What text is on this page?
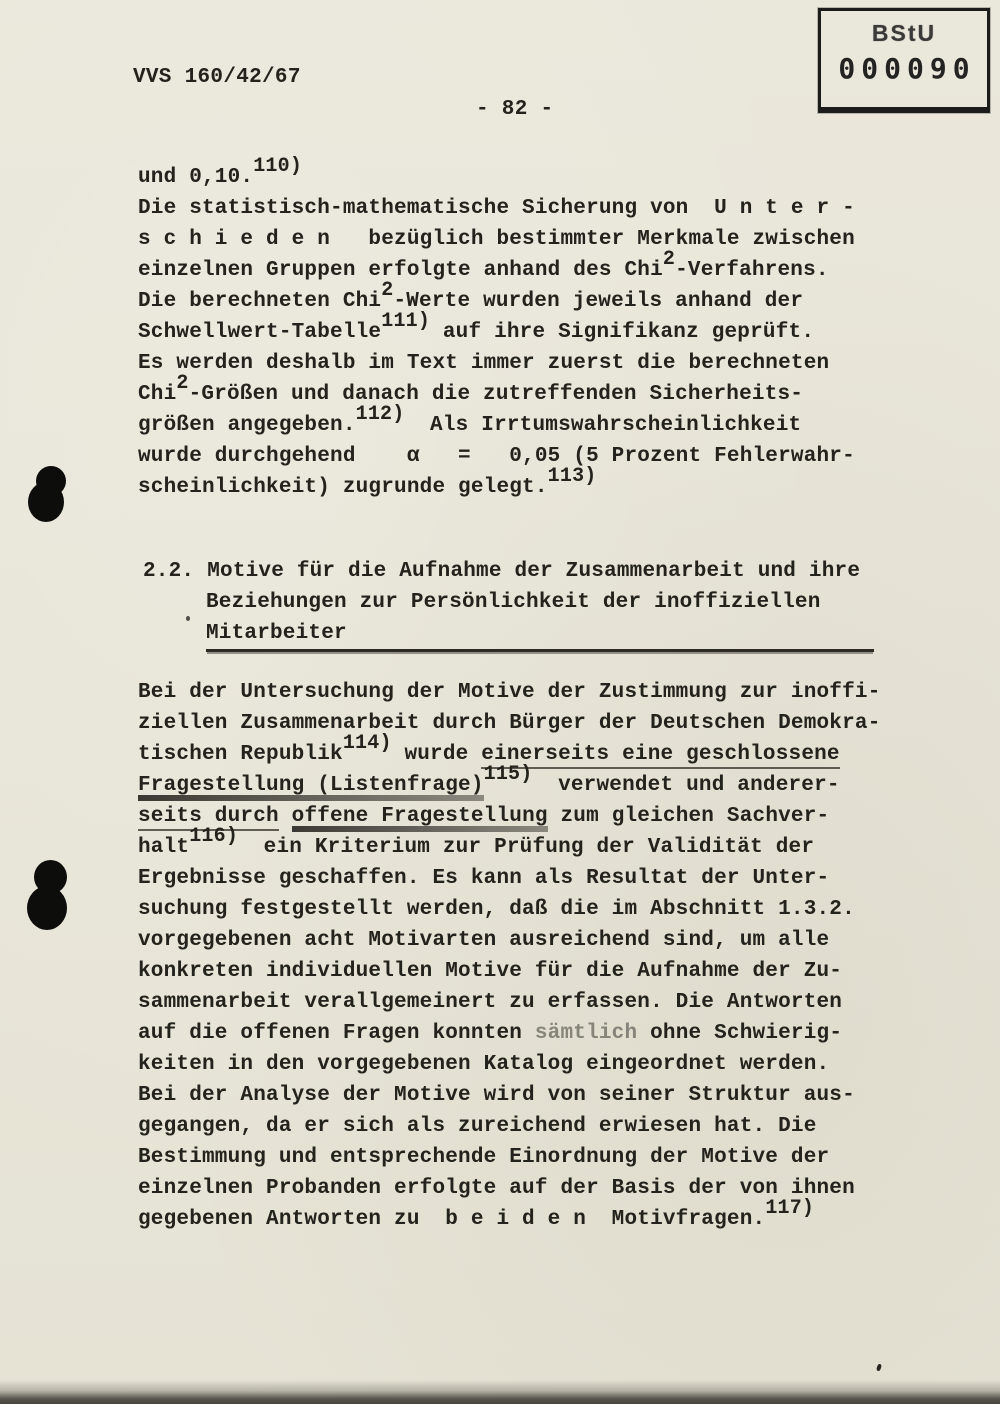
VVS 160/42/67
- 82 -
BStU
000090
und 0,10.110)
Die statistisch-mathematische Sicherung von  U n t e r -
s c h i e d e n   bezüglich bestimmter Merkmale zwischen
einzelnen Gruppen erfolgte anhand des Chi2-Verfahrens.
Die berechneten Chi2-Werte wurden jeweils anhand der
Schwellwert-Tabelle111) auf ihre Signifikanz geprüft.
Es werden deshalb im Text immer zuerst die berechneten
Chi2-Größen und danach die zutreffenden Sicherheits-
größen angegeben.112)  Als Irrtumswahrscheinlichkeit
wurde durchgehend    α   =   0,05 (5 Prozent Fehlerwahr-
scheinlichkeit) zugrunde gelegt.113)
2.2. Motive für die Aufnahme der Zusammenarbeit und ihre
Beziehungen zur Persönlichkeit der inoffiziellen
Mitarbeiter
Bei der Untersuchung der Motive der Zustimmung zur inoffi-
ziellen Zusammenarbeit durch Bürger der Deutschen Demokra-
tischen Republik114) wurde einerseits eine geschlossene
Fragestellung (Listenfrage)115)  verwendet und anderer-
seits durch offene Fragestellung zum gleichen Sachver-
halt116)  ein Kriterium zur Prüfung der Validität der
Ergebnisse geschaffen. Es kann als Resultat der Unter-
suchung festgestellt werden, daß die im Abschnitt 1.3.2.
vorgegebenen acht Motivarten ausreichend sind, um alle
konkreten individuellen Motive für die Aufnahme der Zu-
sammenarbeit verallgemeinert zu erfassen. Die Antworten
auf die offenen Fragen konnten sämtlich ohne Schwierig-
keiten in den vorgegebenen Katalog eingeordnet werden.
Bei der Analyse der Motive wird von seiner Struktur aus-
gegangen, da er sich als zureichend erwiesen hat. Die
Bestimmung und entsprechende Einordnung der Motive der
einzelnen Probanden erfolgte auf der Basis der von ihnen
gegebenen Antworten zu  b e i d e n  Motivfragen.117)
